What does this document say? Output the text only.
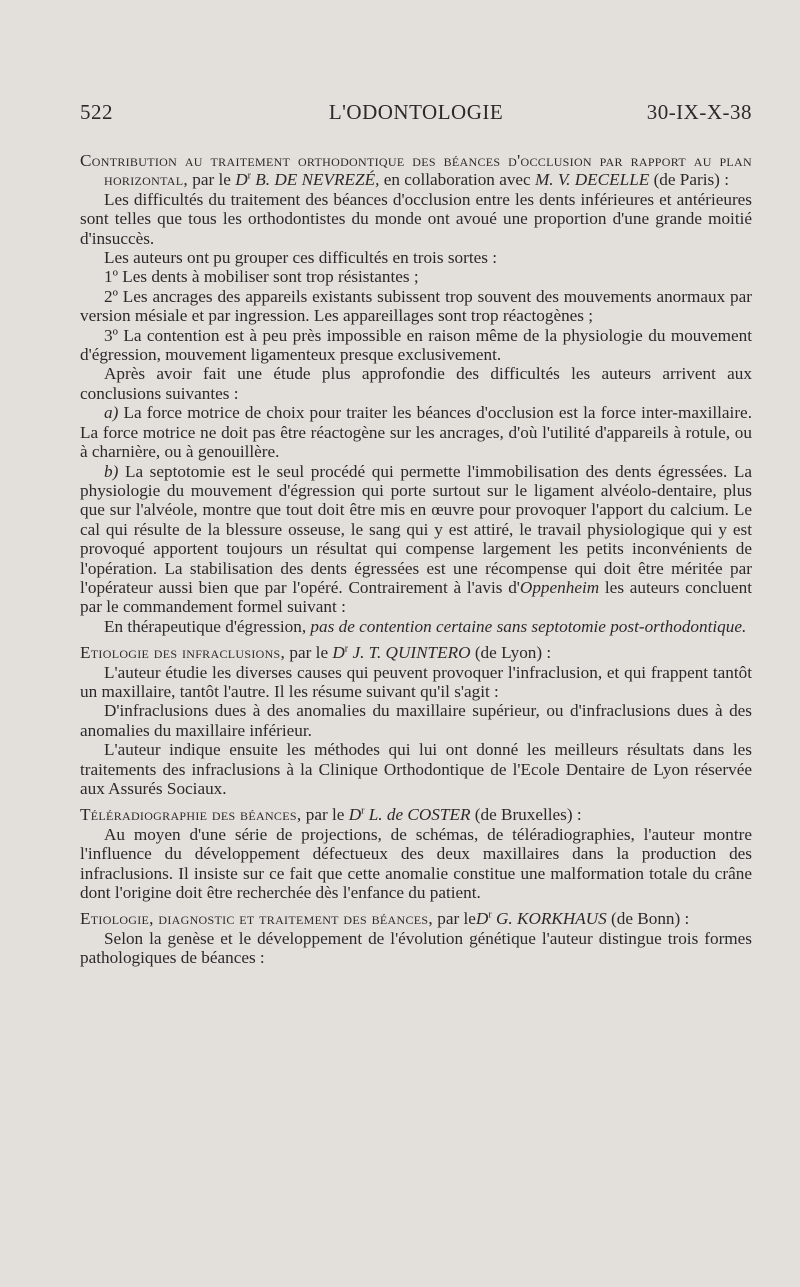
522	L'ODONTOLOGIE	30-IX-X-38

Contribution au traitement orthodontique des béances d'occlusion par rapport au plan horizontal, par le $D^r$ B. DE NEVREZÉ, en collaboration avec M. V. DECELLE (de Paris) :

Les difficultés du traitement des béances d'occlusion entre les dents inférieures et antérieures sont telles que tous les orthodontistes du monde ont avoué une proportion d'une grande moitié d'insuccès.

Les auteurs ont pu grouper ces difficultés en trois sortes :

1º Les dents à mobiliser sont trop résistantes ;

2º Les ancrages des appareils existants subissent trop souvent des mouvements anormaux par version mésiale et par ingression. Les appareillages sont trop réactogènes ;

3º La contention est à peu près impossible en raison même de la physiologie du mouvement d'égression, mouvement ligamenteux presque exclusivement.

Après avoir fait une étude plus approfondie des difficultés les auteurs arrivent aux conclusions suivantes :

a) La force motrice de choix pour traiter les béances d'occlusion est la force inter-maxillaire. La force motrice ne doit pas être réactogène sur les ancrages, d'où l'utilité d'appareils à rotule, ou à charnière, ou à genouillère.

b) La septotomie est le seul procédé qui permette l'immobilisation des dents égressées. La physiologie du mouvement d'égression qui porte surtout sur le ligament alvéolo-dentaire, plus que sur l'alvéole, montre que tout doit être mis en œuvre pour provoquer l'apport du calcium. Le cal qui résulte de la blessure osseuse, le sang qui y est attiré, le travail physiologique qui y est provoqué apportent toujours un résultat qui compense largement les petits inconvénients de l'opération. La stabilisation des dents égressées est une récompense qui doit être méritée par l'opérateur aussi bien que par l'opéré. Contrairement à l'avis d'Oppenheim les auteurs concluent par le commandement formel suivant :

En thérapeutique d'égression, pas de contention certaine sans septotomie post-orthodontique.

Etiologie des infraclusions, par le $D^r$ J. T. QUINTERO (de Lyon) :

L'auteur étudie les diverses causes qui peuvent provoquer l'infraclusion, et qui frappent tantôt un maxillaire, tantôt l'autre. Il les résume suivant qu'il s'agit :

D'infraclusions dues à des anomalies du maxillaire supérieur, ou d'infraclusions dues à des anomalies du maxillaire inférieur.

L'auteur indique ensuite les méthodes qui lui ont donné les meilleurs résultats dans les traitements des infraclusions à la Clinique Orthodontique de l'Ecole Dentaire de Lyon réservée aux Assurés Sociaux.

Téléradiographie des béances, par le $D^r$ L. de COSTER (de Bruxelles) :

Au moyen d'une série de projections, de schémas, de téléradiographies, l'auteur montre l'influence du développement défectueux des deux maxillaires dans la production des infraclusions. Il insiste sur ce fait que cette anomalie constitue une malformation totale du crâne dont l'origine doit être recherchée dès l'enfance du patient.

Etiologie, diagnostic et traitement des béances, par leD$^r$ G. KORKHAUS (de Bonn) :

Selon la genèse et le développement de l'évolution génétique l'auteur distingue trois formes pathologiques de béances :
